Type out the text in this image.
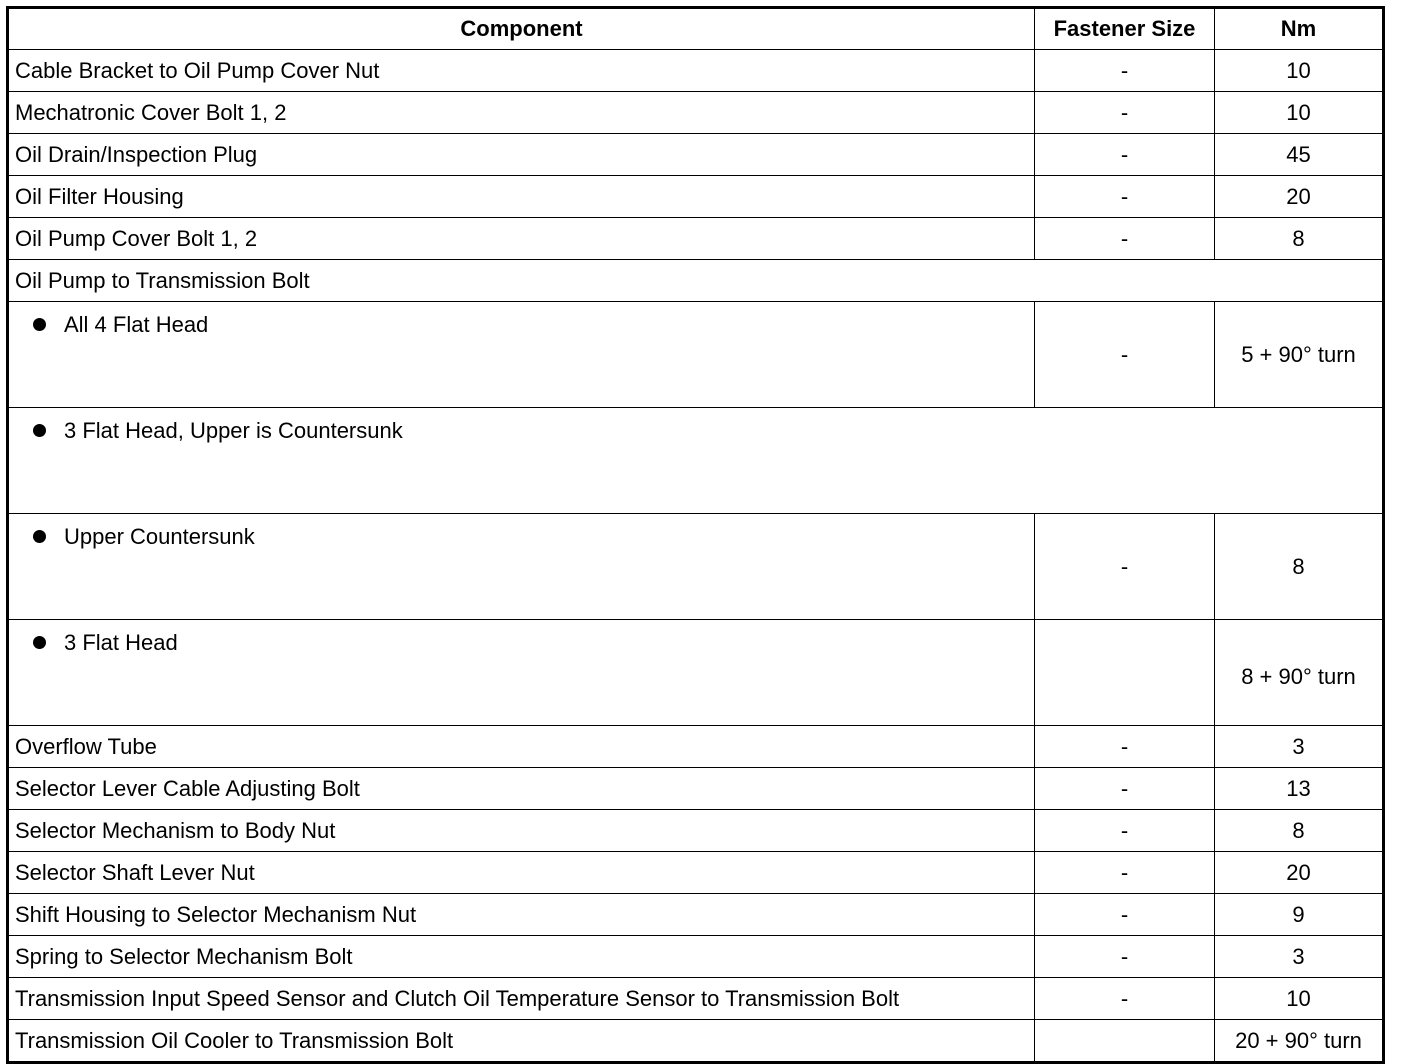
Component	Fastener Size	Nm
Cable Bracket to Oil Pump Cover Nut	-	10
Mechatronic Cover Bolt 1, 2	-	10
Oil Drain/Inspection Plug	-	45
Oil Filter Housing	-	20
Oil Pump Cover Bolt 1, 2	-	8
Oil Pump to Transmission Bolt		

All 4 Flat Head	-	5 + 90° turn

3 Flat Head, Upper is Countersunk		

Upper Countersunk	-	8

3 Flat Head		8 + 90° turn
Overflow Tube	-	3
Selector Lever Cable Adjusting Bolt	-	13
Selector Mechanism to Body Nut	-	8
Selector Shaft Lever Nut	-	20
Shift Housing to Selector Mechanism Nut	-	9
Spring to Selector Mechanism Bolt	-	3
Transmission Input Speed Sensor and Clutch Oil Temperature Sensor to Transmission Bolt	-	10
Transmission Oil Cooler to Transmission Bolt		20 + 90° turn
